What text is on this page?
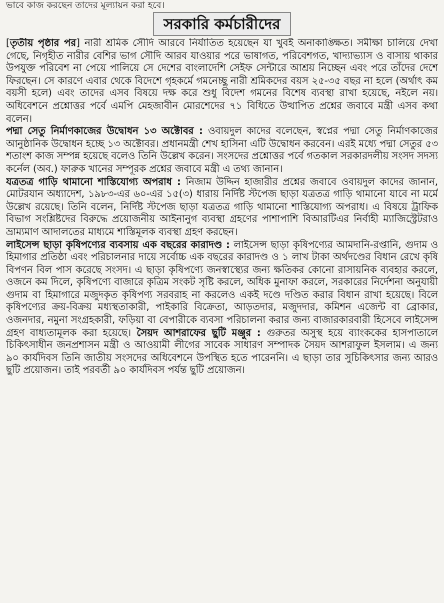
ভাবে কাজ করছেন তাদের মূল্যায়ন করা হবে।
সরকারি কর্মচারীদের

[তৃতীয় পৃষ্ঠার পর] নারী শ্রমিক সৌদি আরবে নির্যাতিত হয়েছেন যা খুবই অনাকাঙ্ক্ষিত। সমীক্ষা চালিয়ে দেখা গেছে, নিগৃহীত নারীর বেশির ভাগ সৌদি আরব যাওয়ার পরে ভাষাগত, পরিবেশগত, খাদ্যাভ্যাস ও বাসায় থাকার উপযুক্ত পরিবেশ না পেয়ে পালিয়ে সে দেশের বাংলাদেশি সেইফ সেন্টারে আশ্রয় নিচ্ছেন এবং পরে তাঁদের দেশে ফিরছেন। সে কারণে এবার থেকে বিদেশে গৃহকর্মে গমনেচ্ছু নারী শ্রমিকদের বয়স ২৫-৩৫ বছর না হলে (অর্থাৎ কম বয়সী হলে) এবং তাদের এসব বিষয়ে দক্ষ করে শুধু বিদেশ গমনের বিশেষ ব্যবস্থা রাখা হয়েছে, নইলে নয়। অধিবেশনে প্রশ্নোত্তর পর্বে এমপি মেহজাবীন মোরশেদের ৭১ বিধিতে উত্থাপিত প্রশ্নের জবাবে মন্ত্রী এসব কথা বলেন।

পদ্মা সেতু নির্মাণকাজের উদ্বোধন ১৩ অক্টোবর : ওবায়দুল কাদের বলেছেন, স্বপ্নের পদ্মা সেতু নির্মাণকাজের আনুষ্ঠানিক উদ্বোধন হচ্ছে ১৩ অক্টোবর। প্রধানমন্ত্রী শেখ হাসিনা এটি উদ্বোধন করবেন। এরই মধ্যে পদ্মা সেতুর ৫৩ শতাংশ কাজ সম্পন্ন হয়েছে বলেও তিনি উল্লেখ করেন। সংসদের প্রশ্নোত্তর পর্বে গতকাল সরকারদলীয় সংসদ সদস্য কর্নেল (অব.) ফারুক খানের সম্পূরক প্রশ্নের জবাবে মন্ত্রী এ তথ্য জানান।

যত্রতত্র গাড়ি থামানো শাস্তিযোগ্য অপরাধ : নিজাম উদ্দিন হাজারীর প্রশ্নের জবাবে ওবায়দুল কাদের জানান, মোটরযান অধ্যাদেশ, ১৯৮৩-এর ৬০-এর ১৫(৩) ধারায় নির্দিষ্ট স্টপেজ ছাড়া যত্রতত্র গাড়ি থামানো যাবে না মর্মে উল্লেখ রয়েছে। তিনি বলেন, নির্দিষ্ট স্টপেজ ছাড়া যত্রতত্র গাড়ি থামানো শাস্তিযোগ্য অপরাধ। এ বিষয়ে ট্রাফিক বিভাগ সংশ্লিষ্টদের বিরুদ্ধে প্রয়োজনীয় আইনানুগ ব্যবস্থা গ্রহণের পাশাপাশি বিআরটিএর নির্বাহী ম্যাজিস্ট্রেটরাও ভ্রাম্যমাণ আদালতের মাধ্যমে শাস্তিমূলক ব্যবস্থা গ্রহণ করছেন।

লাইসেন্স ছাড়া কৃষিপণ্যের ব্যবসায় এক বছরের কারাদণ্ড : লাইসেন্স ছাড়া কৃষিপণ্যের আমদানি-রপ্তানি, গুদাম ও হিমাগার প্রতিষ্ঠা এবং পরিচালনার দায়ে সর্বোচ্চ এক বছরের কারাদণ্ড ও ১ লাখ টাকা অর্থদণ্ডের বিধান রেখে কৃষি বিপণন বিল পাস করেছে সংসদ। এ ছাড়া কৃষিপণ্যে জনস্বাস্থ্যের জন্য ক্ষতিকর কোনো রাসায়নিক ব্যবহার করলে, ওজনে কম দিলে, কৃষিপণ্যে বাজারে কৃত্রিম সংকট সৃষ্টি করলে, অধিক মুনাফা করলে, সরকারের নির্দেশনা অনুযায়ী গুদাম বা হিমাগারে মজুদকৃত কৃষিপণ্য সরবরাহ না করলেও একই দণ্ডে দণ্ডিত করার বিধান রাখা হয়েছে। বিলে কৃষিপণ্যের ক্রয়-বিক্রয় মধ্যস্থতাকারী, পাইকারি বিক্রেতা, আড়তদার, মজুদদার, কমিশন এজেন্ট বা ব্রোকার, ওজনদার, নমুনা সংগ্রহকারী, ফড়িয়া বা বেপারীকে ব্যবসা পরিচালনা করার জন্য বাজারকারবারী হিসেবে লাইসেন্স গ্রহণ বাধ্যতামূলক করা হয়েছে। সৈয়দ আশরাফের ছুটি মঞ্জুর : গুরুতর অসুস্থ হয়ে ব্যাংককের হাসপাতালে চিকিৎসাধীন জনপ্রশাসন মন্ত্রী ও আওয়ামী লীগের সাবেক সাধারণ সম্পাদক সৈয়দ আশরাফুল ইসলাম। এ জন্য ৯০ কার্যদিবস তিনি জাতীয় সংসদের অধিবেশনে উপস্থিত হতে পারেননি। এ ছাড়া তার সুচিকিৎসার জন্য আরও ছুটি প্রয়োজন। তাই পরবর্তী ৯০ কার্যদিবস পর্যন্ত ছুটি প্রয়োজন।
